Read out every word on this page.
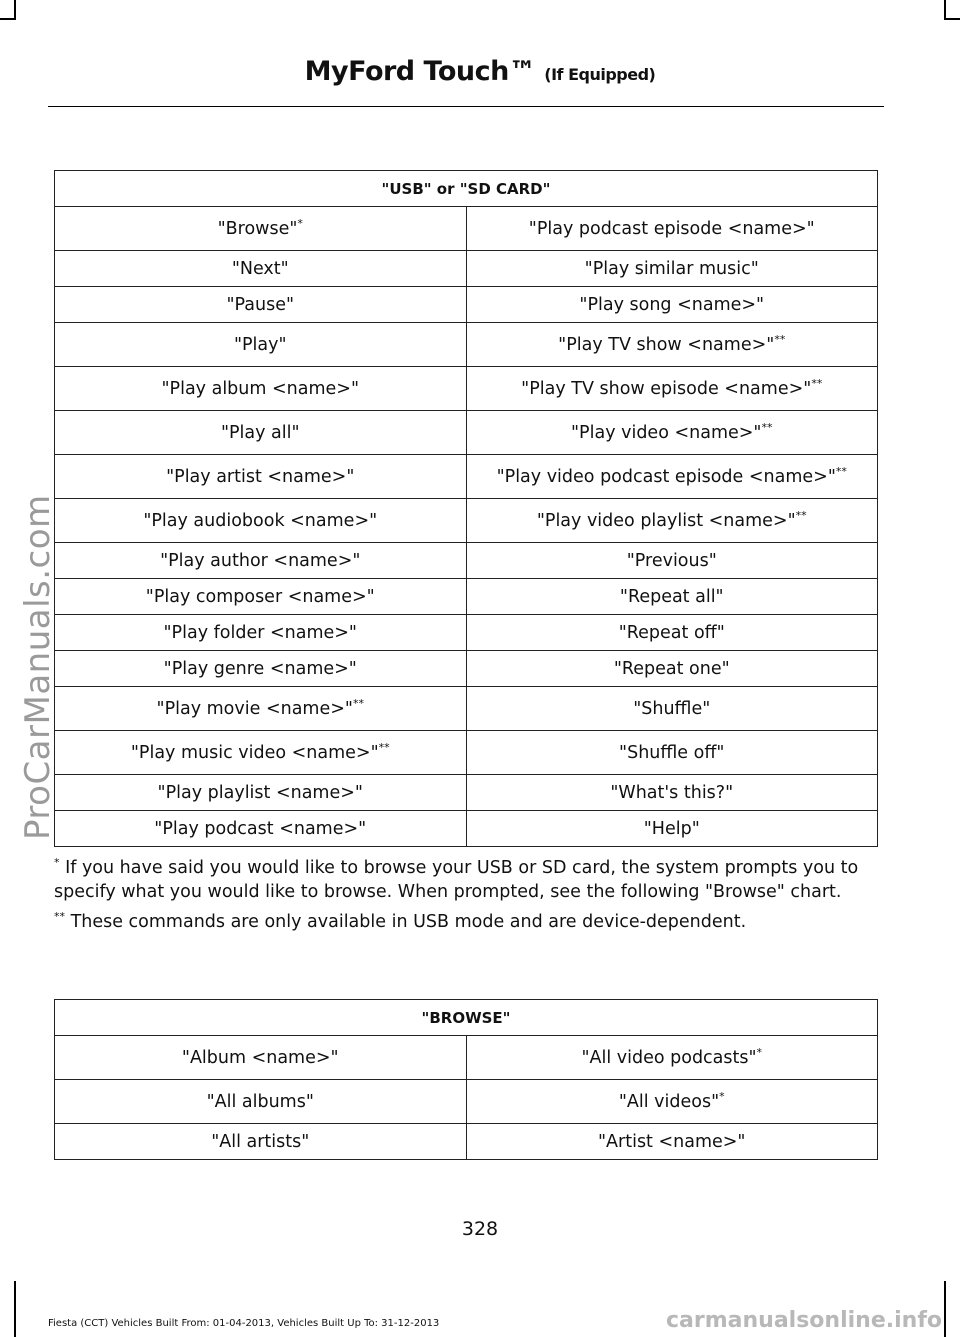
MyFord Touch™ (If Equipped)
ProCarManuals.com
"USB" or "SD CARD"	
"Browse"*	"Play podcast episode <name>"
"Next"	"Play similar music"
"Pause"	"Play song <name>"
"Play"	"Play TV show <name>"**
"Play album <name>"	"Play TV show episode <name>"**
"Play all"	"Play video <name>"**
"Play artist <name>"	"Play video podcast episode <name>"**
"Play audiobook <name>"	"Play video playlist <name>"**
"Play author <name>"	"Previous"
"Play composer <name>"	"Repeat all"
"Play folder <name>"	"Repeat off"
"Play genre <name>"	"Repeat one"
"Play movie <name>"**	"Shuffle"
"Play music video <name>"**	"Shuffle off"
"Play playlist <name>"	"What's this?"
"Play podcast <name>"	"Help"

* If you have said you would like to browse your USB or SD card, the system prompts you to specify what you would like to browse. When prompted, see the following "Browse" chart.

** These commands are only available in USB mode and are device-dependent.

"BROWSE"	
"Album <name>"	"All video podcasts"*
"All albums"	"All videos"*
"All artists"	"Artist <name>"
328
Fiesta (CCT) Vehicles Built From: 01-04-2013, Vehicles Built Up To: 31-12-2013	carmanualsonline.info
